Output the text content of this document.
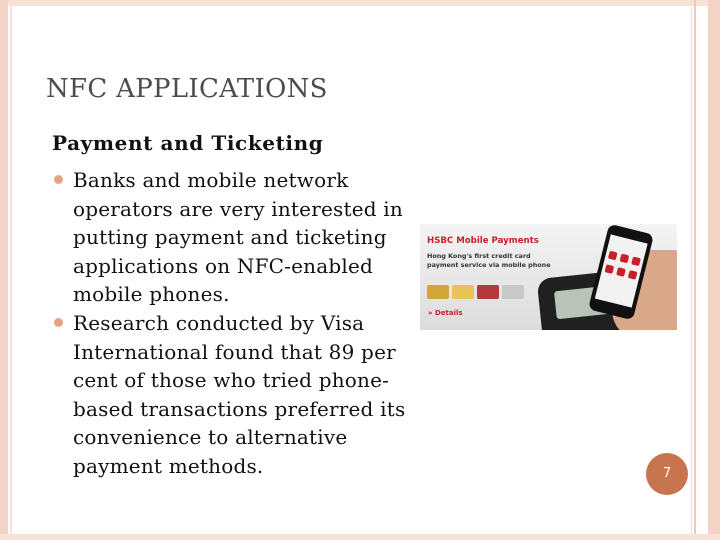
NFC APPLICATIONS
Payment and Ticketing
Banks and mobile network operators are very interested in putting payment and ticketing applications on NFC-enabled mobile phones.
Research conducted by Visa International found that 89 per cent of those who tried phone-based transactions preferred its convenience to alternative payment methods.
HSBC Mobile Payments
Hong Kong's first credit card
payment service via mobile phone
» Details
7
